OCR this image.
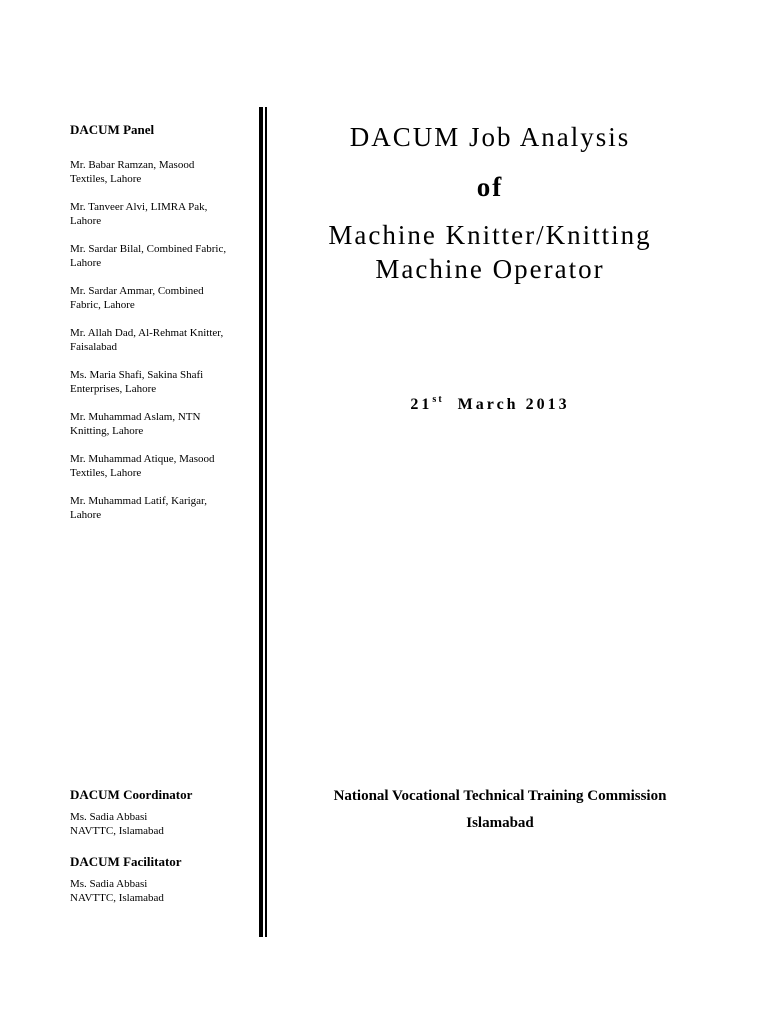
DACUM Panel
Mr. Babar Ramzan, Masood
Textiles, Lahore
Mr. Tanveer Alvi, LIMRA Pak,
Lahore
Mr. Sardar Bilal, Combined Fabric,
Lahore
Mr. Sardar Ammar, Combined
Fabric, Lahore
Mr. Allah Dad, Al-Rehmat Knitter,
Faisalabad
Ms. Maria Shafi, Sakina Shafi
Enterprises, Lahore
Mr. Muhammad Aslam, NTN
Knitting, Lahore
Mr. Muhammad Atique, Masood
Textiles, Lahore
Mr. Muhammad Latif, Karigar,
Lahore
DACUM Coordinator
Ms. Sadia Abbasi
NAVTTC, Islamabad
DACUM Facilitator
Ms. Sadia Abbasi
NAVTTC, Islamabad
DACUM Job Analysis
of
Machine Knitter/Knitting
Machine Operator
21st March 2013
National Vocational Technical Training Commission
Islamabad
